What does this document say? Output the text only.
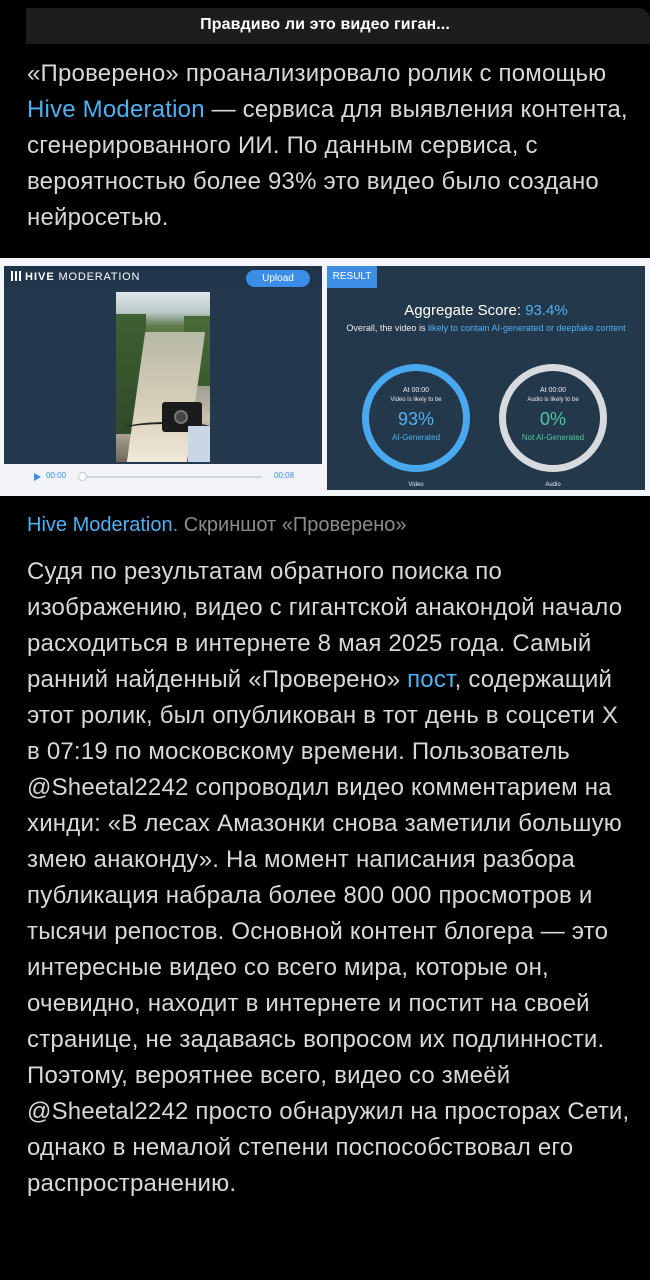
Правдиво ли это видео гиган...

«Проверено» проанализировало ролик с помощью Hive Moderation — сервиса для выявления контента, сгенерированного ИИ. По данным сервиса, с вероятностью более 93% это видео было создано нейросетью.

HIVE MODERATION	Upload
00:00	00:08
RESULT
Aggregate Score: 93.4%
Overall, the video is likely to contain AI-generated or deepfake content
At 00:00
Video is likely to be
93%
AI-Generated
At 00:00
Audio is likely to be
0%
Not AI-Generated
Video	Audio
Hive Moderation. Скриншот «Проверено»

Судя по результатам обратного поиска по изображению, видео с гигантской анакондой начало расходиться в интернете 8 мая 2025 года. Самый ранний найденный «Проверено» пост, содержащий этот ролик, был опубликован в тот день в соцсети X в 07:19 по московскому времени. Пользователь @Sheetal2242 сопроводил видео комментарием на хинди: «В лесах Амазонки снова заметили большую змею анаконду». На момент написания разбора публикация набрала более 800 000 просмотров и тысячи репостов. Основной контент блогера — это интересные видео со всего мира, которые он, очевидно, находит в интернете и постит на своей странице, не задаваясь вопросом их подлинности. Поэтому, вероятнее всего, видео со змеёй @Sheetal2242 просто обнаружил на просторах Сети, однако в немалой степени поспособствовал его распространению.
